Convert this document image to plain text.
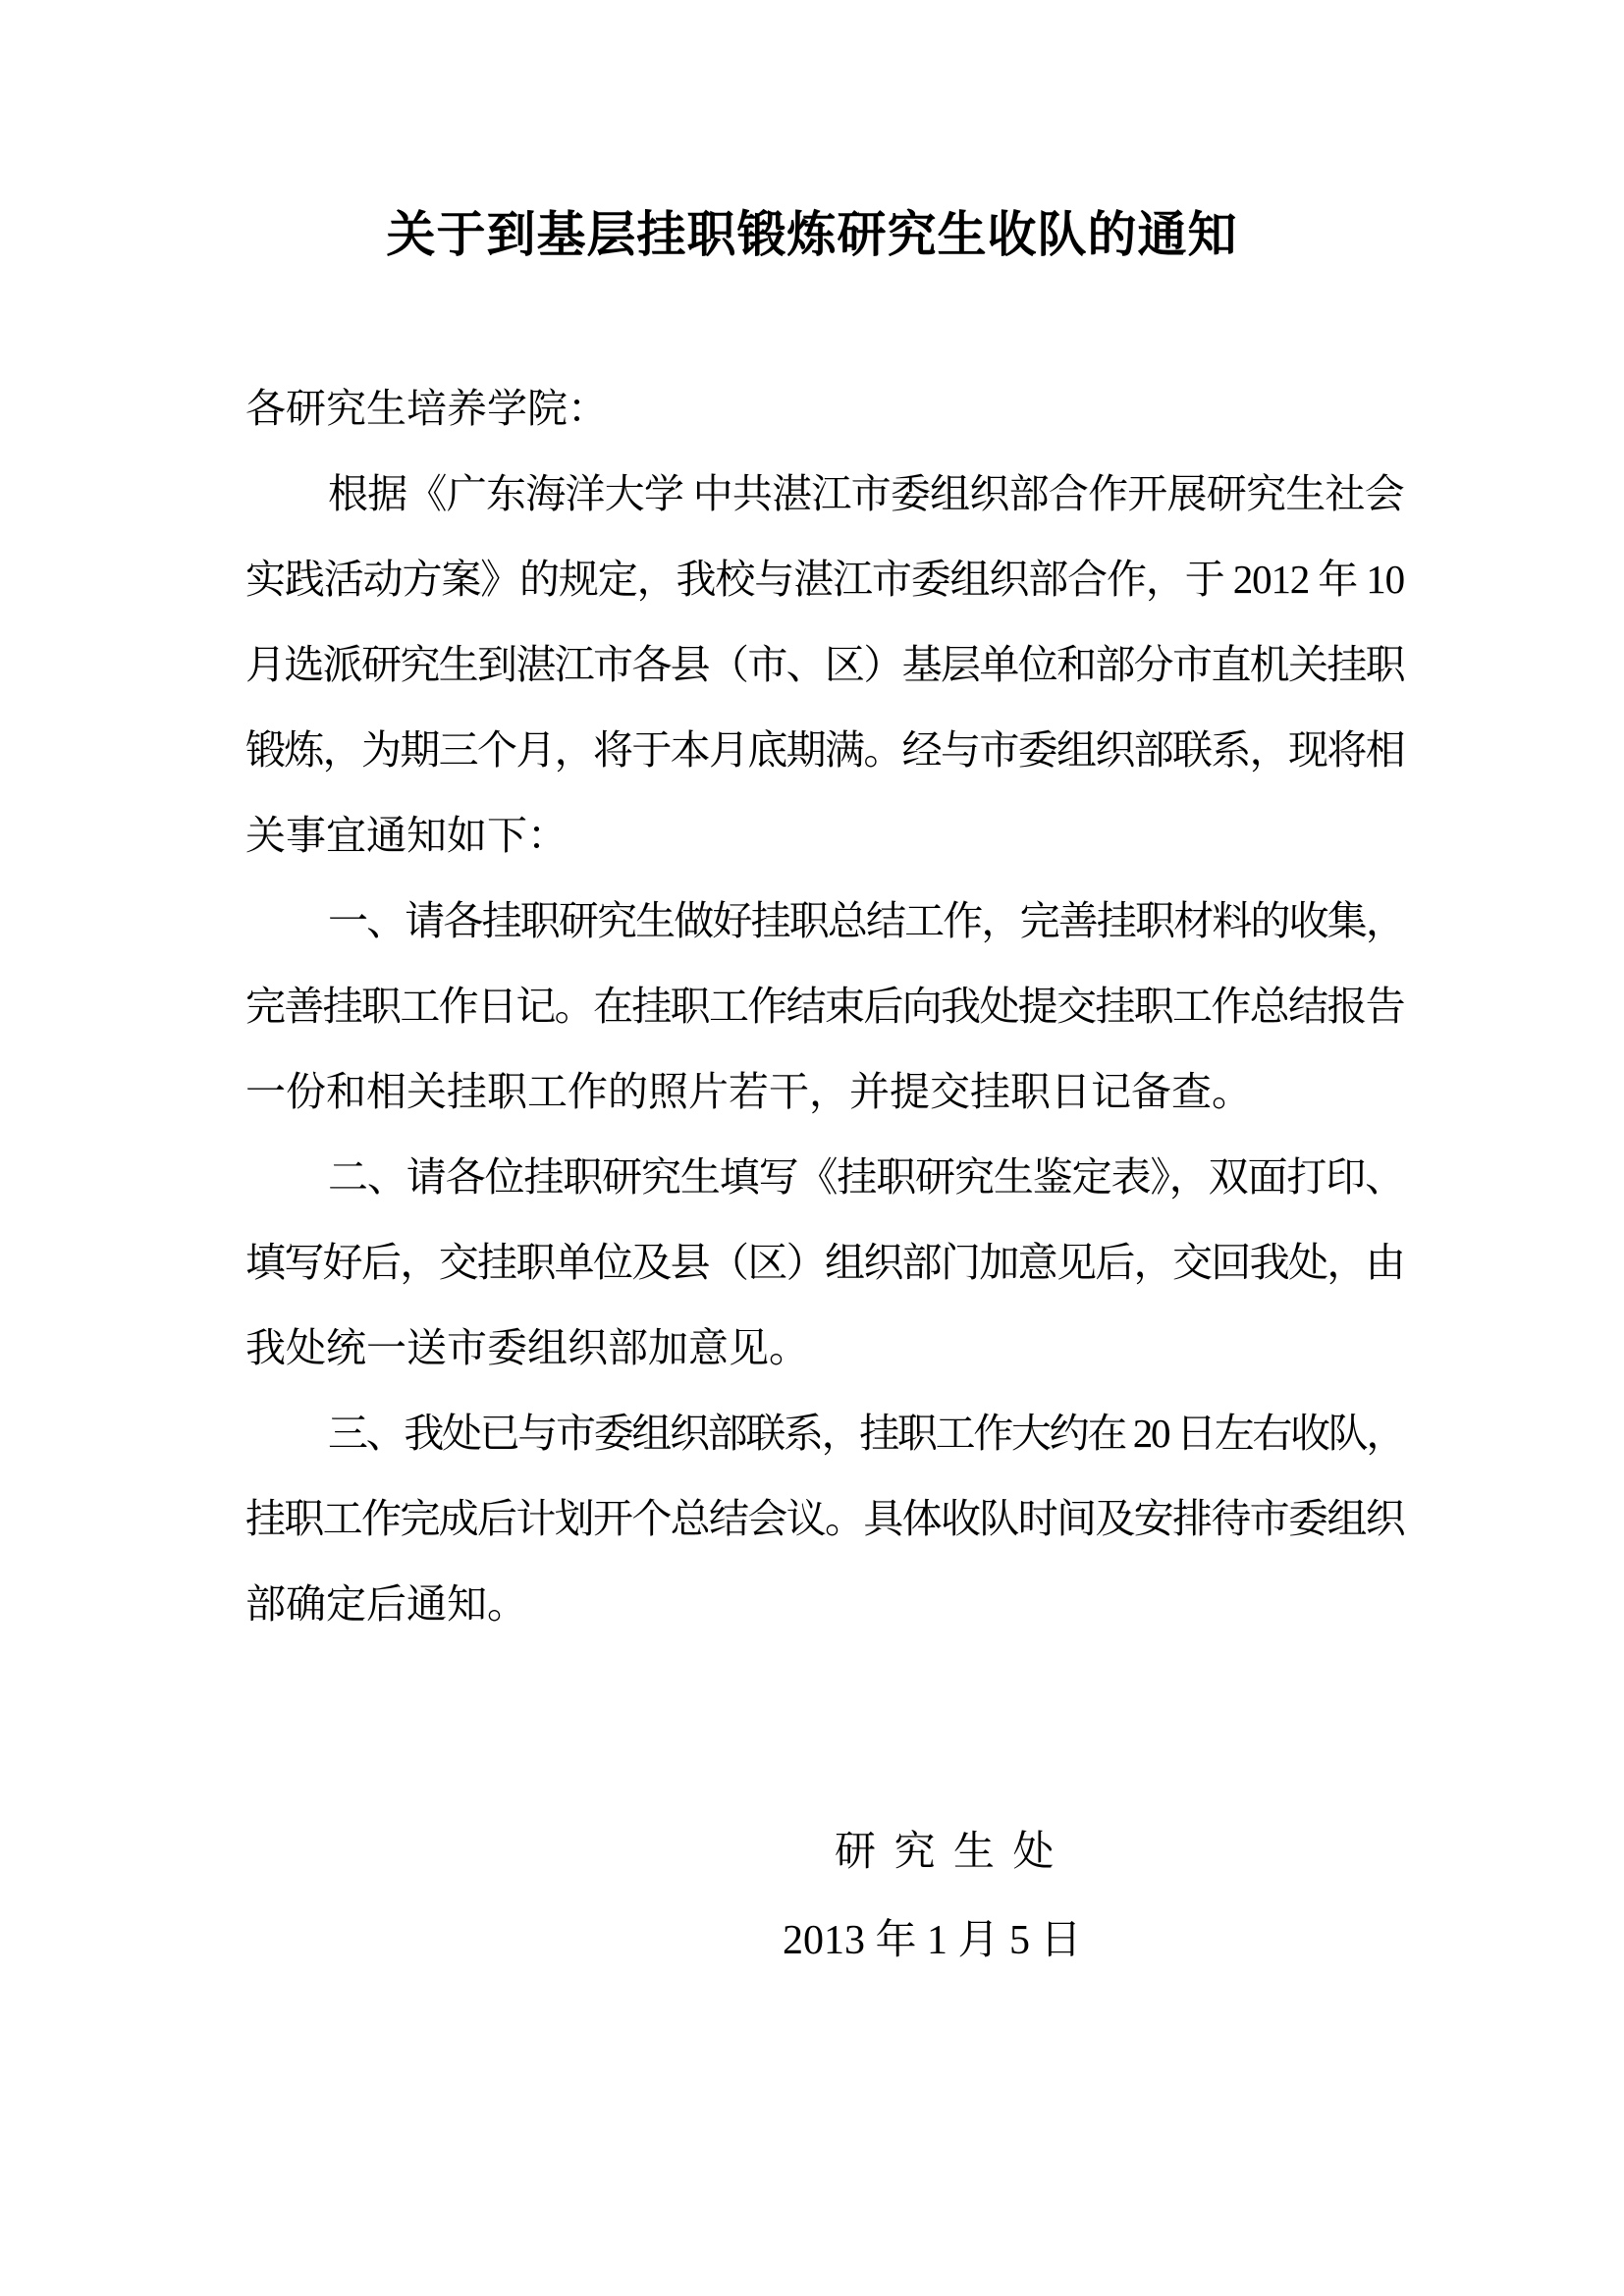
关于到基层挂职锻炼研究生收队的通知
各研究生培养学院：
根据《广东海洋大学 中共湛江市委组织部合作开展研究生社会
实践活动方案》的规定，我校与湛江市委组织部合作，于 2012 年 10
月选派研究生到湛江市各县（市、区）基层单位和部分市直机关挂职
锻炼，为期三个月，将于本月底期满。经与市委组织部联系，现将相
关事宜通知如下：
一、请各挂职研究生做好挂职总结工作，完善挂职材料的收集，
完善挂职工作日记。在挂职工作结束后向我处提交挂职工作总结报告
一份和相关挂职工作的照片若干，并提交挂职日记备查。
二、请各位挂职研究生填写《挂职研究生鉴定表》，双面打印、
填写好后，交挂职单位及县（区）组织部门加意见后，交回我处，由
我处统一送市委组织部加意见。
三、我处已与市委组织部联系，挂职工作大约在 20 日左右收队，
挂职工作完成后计划开个总结会议。具体收队时间及安排待市委组织
部确定后通知。
研 究 生 处
2013 年 1 月 5 日
